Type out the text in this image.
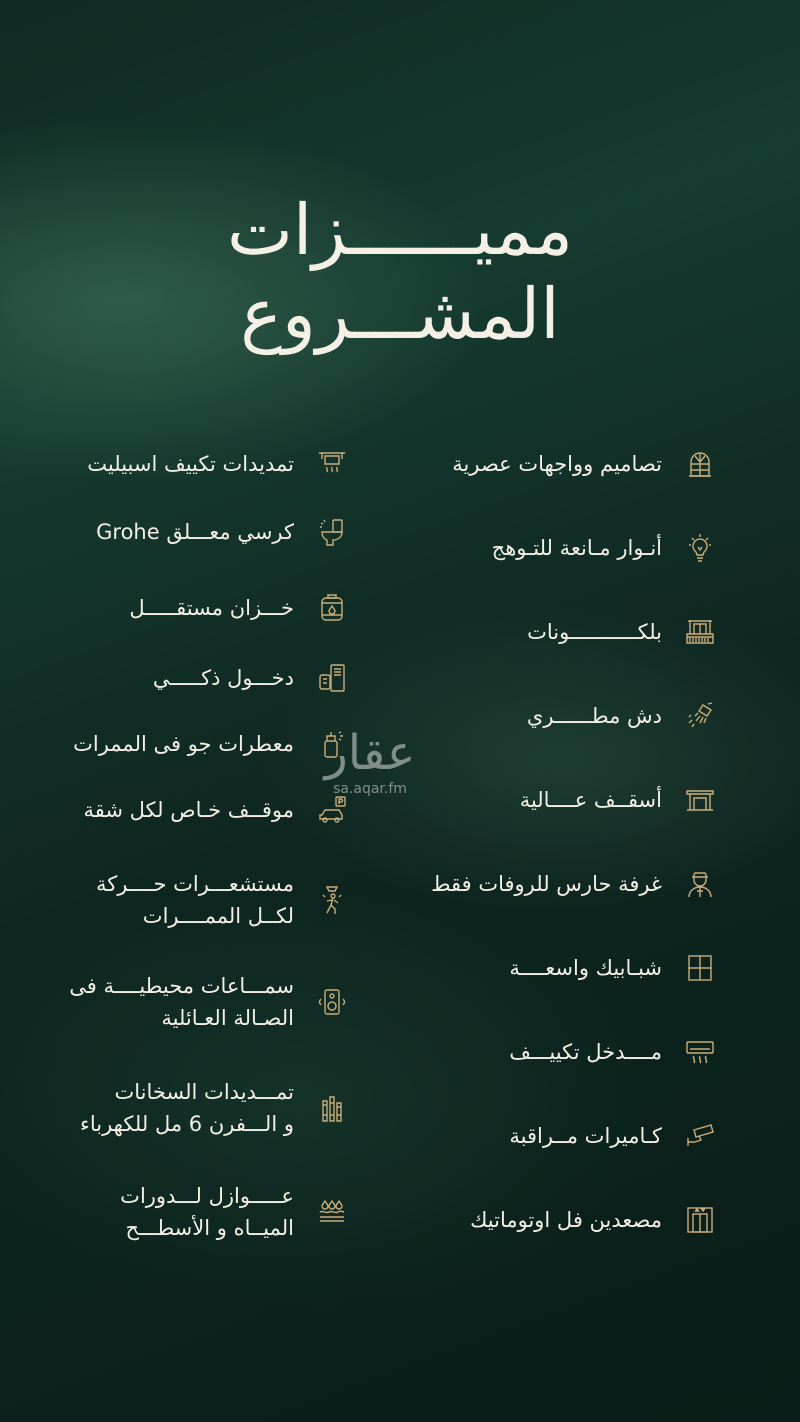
مميــــــزات
المشـــروع
تصاميم وواجهات عصرية
أنـوار مـانعة للتـوهج
بلكـــــــــــونات
دش مطــــــري
أسقــف عــــالية
غرفة حارس للروفات فقط
شبـابيك واسعــــة
مــــدخل تكييـــف
كـاميرات مــراقبة
مصعدين فل اوتوماتيك
تمديدات تكييف اسبيليت
كرسي معـــلق Grohe
خـــزان مستقـــــل
دخـــول ذكـــــي
معطرات جو فى الممرات
موقــف خـاص لكل شقة
مستشعـــرات حــــركة
لكــل الممــــرات
سمـــاعات محيطيــــة فى
الصـالة العـائلية
تمـــديدات السخانات
و الـــفرن 6 مل للكهرباء
عـــــوازل لـــدورات
الميــاه و الأسطـــح
عقار
sa.aqar.fm
